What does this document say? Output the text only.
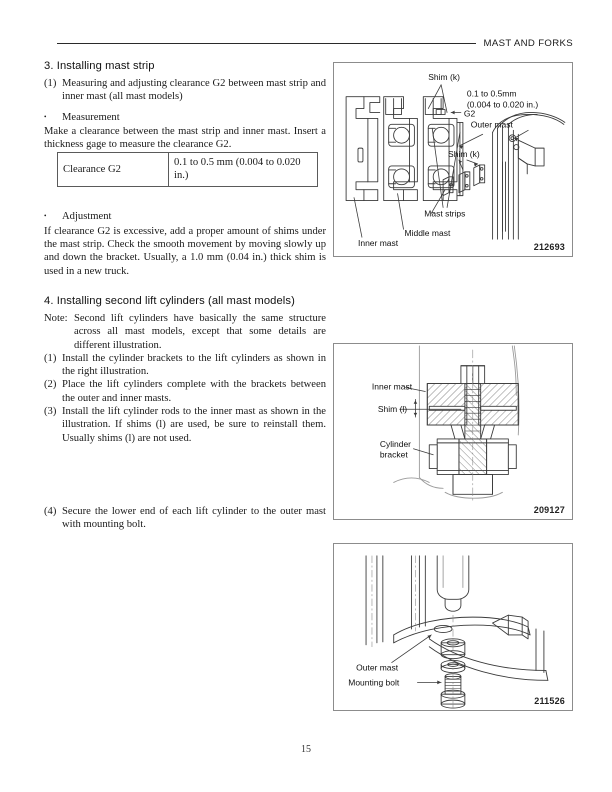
MAST AND FORKS
3. Installing mast strip
(1) Measuring and adjusting clearance G2 between mast strip and inner mast (all mast models)
•	Measurement
Make a clearance between the mast strip and inner mast. Insert a thickness gage to measure the clearance G2.
•	Adjustment
If clearance G2 is excessive, add a proper amount of shims under the mast strip. Check the smooth movement by moving slowly up and down the bracket. Usually, a 1.0 mm (0.04 in.) thick shim is used in a new truck.
4. Installing second lift cylinders (all mast models)
Note: Second lift cylinders have basically the same structure across all mast models, except that some details are different illustration.
(1) Install the cylinder brackets to the lift cylinders as shown in the right illustration.
(2) Place the lift cylinders complete with the brackets between the outer and inner masts.
(3) Install the lift cylinder rods to the inner mast as shown in the illustration. If shims (l) are used, be sure to reinstall them. Usually shims (l) are not used.
(4) Secure the lower end of each lift cylinder to the outer mast with mounting bolt.
Clearance G2	0.1 to 0.5 mm (0.004 to 0.020 in.)
Shim (k)
0.1 to 0.5mm
(0.004 to 0.020 in.)
G2
Outer mast
Shim (k)
Mast strips
Middle mast
Inner mast	212693
Inner mast
Shim (l)
Cylinder
bracket
209127
Outer mast
Mounting bolt
211526
15
